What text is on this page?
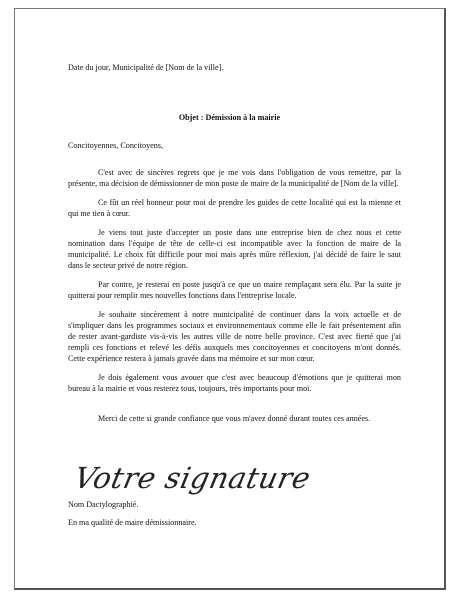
Date du jour, Municipalité de [Nom de la ville].
Objet : Démission à la mairie
Concitoyennes, Concitoyens,

C'est avec de sincères regrets que je me vois dans l'obligation de vous remettre, par la présente, ma décision de démissionner de mon poste de maire de la municipalité de [Nom de la ville].

Ce fût un réel honneur pour moi de prendre les guides de cette localité qui est la mienne et qui me tien à cœur.

Je viens tout juste d'accepter un poste dans une entreprise bien de chez nous et cette nomination dans l'équipe de tête de celle-ci est incompatible avec la fonction de maire de la municipalité. Le choix fût difficile pour moi mais après mûre réflexion, j'ai décidé de faire le saut dans le secteur privé de notre région.

Par contre, je resterai en poste jusqu'à ce que un maire remplaçant sera élu. Par la suite je quitterai pour remplir mes nouvelles fonctions dans l'entreprise locale.

Je souhaite sincèrement à notre municipalité de continuer dans la voix actuelle et de s'impliquer dans les programmes sociaux et environnementaux comme elle le fait présentement afin de rester avant-gardiste vis-à-vis les autres ville de notre belle province. C'est avec fierté que j'ai rempli ces fonctions et relevé les défis auxquels mes concitoyennes et concitoyens m'ont donnés. Cette expérience restera à jamais gravée dans ma mémoire et sur mon cœur.

Je dois également vous avouer que c'est avec beaucoup d'émotions que je quitterai mon bureau à la mairie et vous resterez tous, toujours, très importants pour moi.

Merci de cette si grande confiance que vous m'avez donné durant toutes ces années.

Votre signature
Nom Dactylographié.
En ma qualité de maire démissionnaire.
